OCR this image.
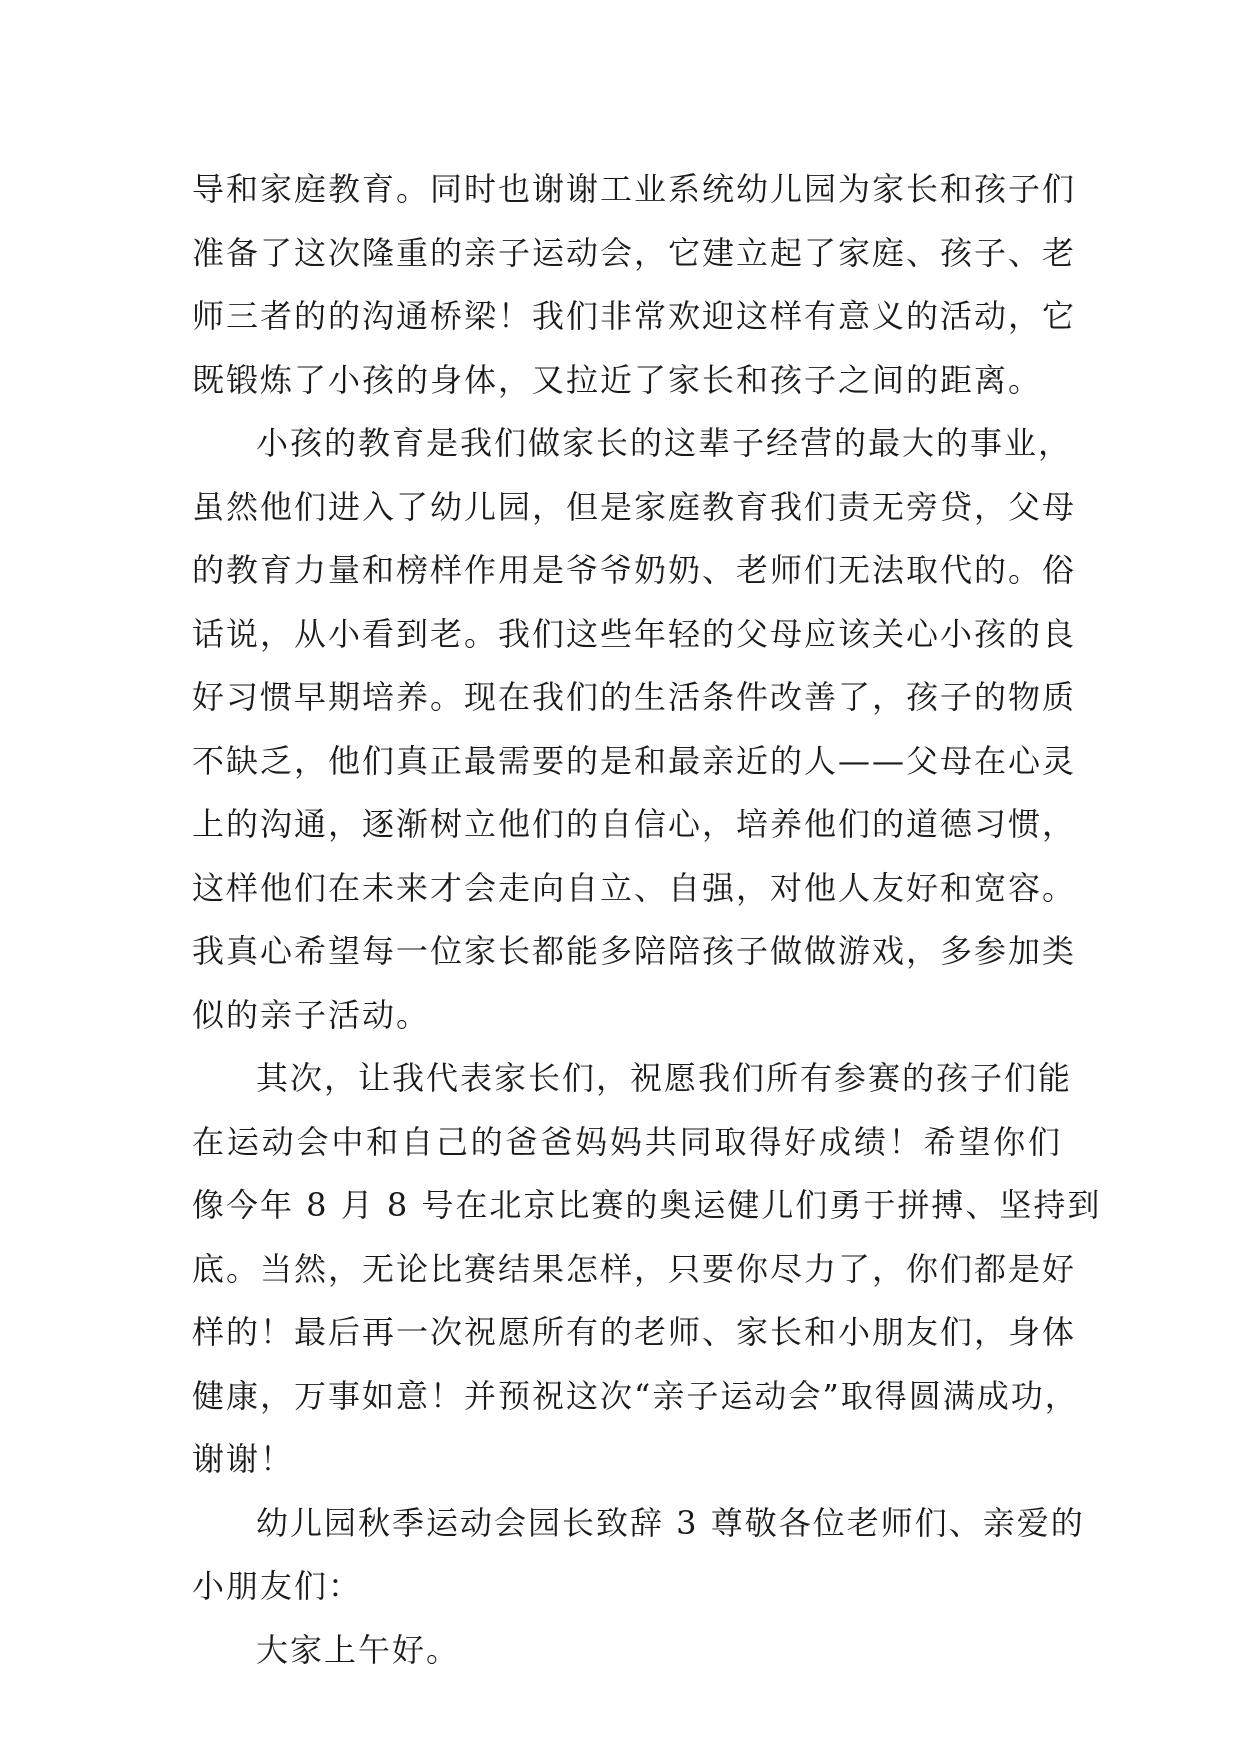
导和家庭教育。同时也谢谢工业系统幼儿园为家长和孩子们
准备了这次隆重的亲子运动会，它建立起了家庭、孩子、老
师三者的的沟通桥梁！我们非常欢迎这样有意义的活动，它
既锻炼了小孩的身体，又拉近了家长和孩子之间的距离。
小孩的教育是我们做家长的这辈子经营的最大的事业，
虽然他们进入了幼儿园，但是家庭教育我们责无旁贷，父母
的教育力量和榜样作用是爷爷奶奶、老师们无法取代的。俗
话说，从小看到老。我们这些年轻的父母应该关心小孩的良
好习惯早期培养。现在我们的生活条件改善了，孩子的物质
不缺乏，他们真正最需要的是和最亲近的人——父母在心灵
上的沟通，逐渐树立他们的自信心，培养他们的道德习惯，
这样他们在未来才会走向自立、自强，对他人友好和宽容。
我真心希望每一位家长都能多陪陪孩子做做游戏，多参加类
似的亲子活动。
其次，让我代表家长们，祝愿我们所有参赛的孩子们能
在运动会中和自己的爸爸妈妈共同取得好成绩！希望你们
像今年 8 月 8 号在北京比赛的奥运健儿们勇于拼搏、坚持到
底。当然，无论比赛结果怎样，只要你尽力了，你们都是好
样的！最后再一次祝愿所有的老师、家长和小朋友们，身体
健康，万事如意！并预祝这次“亲子运动会”取得圆满成功，
谢谢！
幼儿园秋季运动会园长致辞 3 尊敬各位老师们、亲爱的
小朋友们：
大家上午好。
